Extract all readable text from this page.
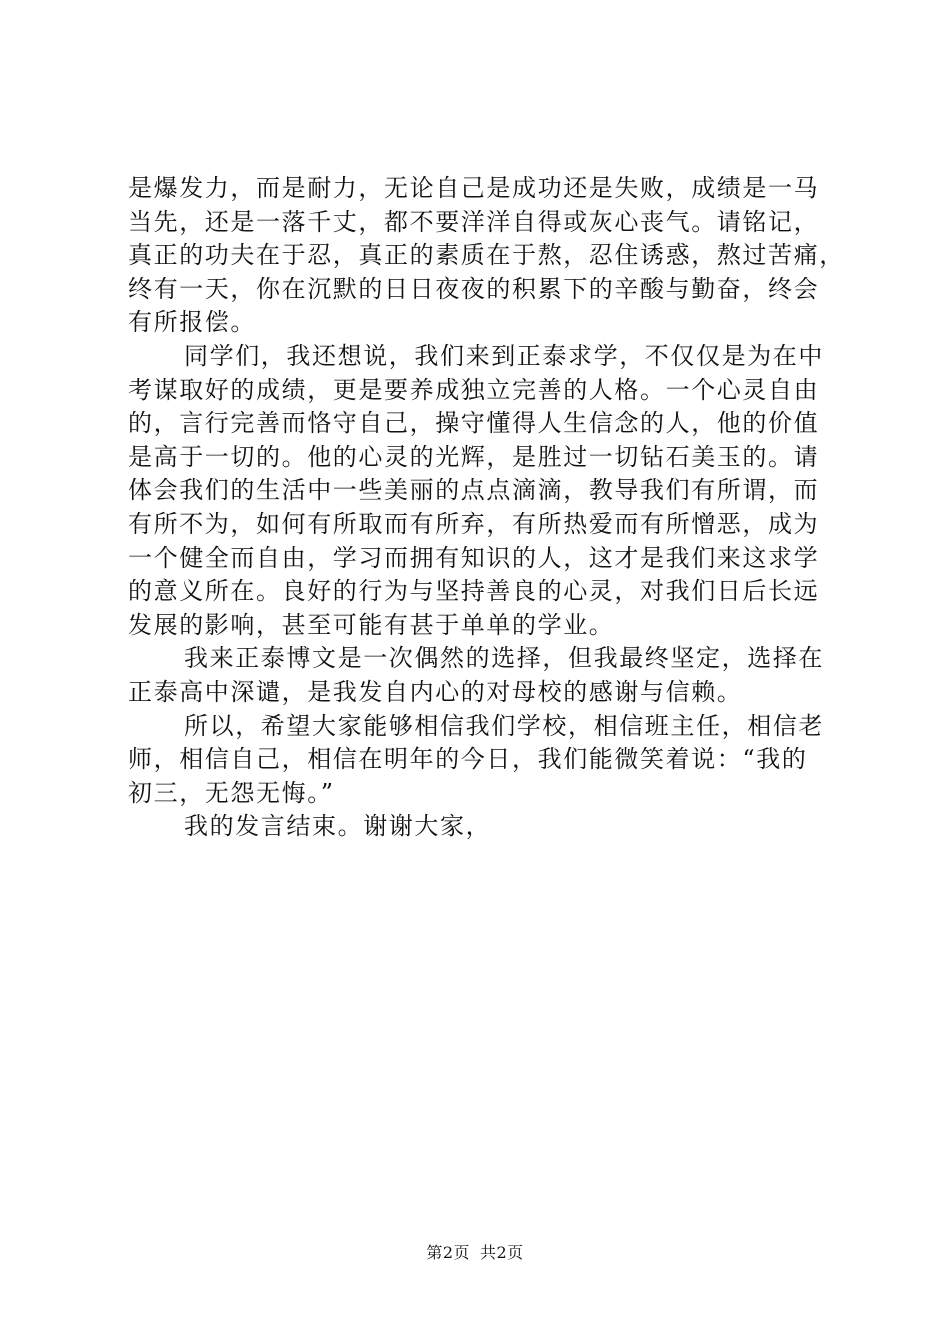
是爆发力，而是耐力，无论自己是成功还是失败，成绩是一马
当先，还是一落千丈，都不要洋洋自得或灰心丧气。请铭记，
真正的功夫在于忍，真正的素质在于熬，忍住诱惑，熬过苦痛，
终有一天，你在沉默的日日夜夜的积累下的辛酸与勤奋，终会
有所报偿。
同学们，我还想说，我们来到正泰求学，不仅仅是为在中
考谋取好的成绩，更是要养成独立完善的人格。一个心灵自由
的，言行完善而恪守自己，操守懂得人生信念的人，他的价值
是高于一切的。他的心灵的光辉，是胜过一切钻石美玉的。请
体会我们的生活中一些美丽的点点滴滴，教导我们有所谓，而
有所不为，如何有所取而有所弃，有所热爱而有所憎恶，成为
一个健全而自由，学习而拥有知识的人，这才是我们来这求学
的意义所在。良好的行为与坚持善良的心灵，对我们日后长远
发展的影响，甚至可能有甚于单单的学业。
我来正泰博文是一次偶然的选择，但我最终坚定，选择在
正泰高中深谴，是我发自内心的对母校的感谢与信赖。
所以，希望大家能够相信我们学校，相信班主任，相信老
师，相信自己，相信在明年的今日，我们能微笑着说：“我的
初三，无怨无悔。”
我的发言结束。谢谢大家，
第2页 共2页
